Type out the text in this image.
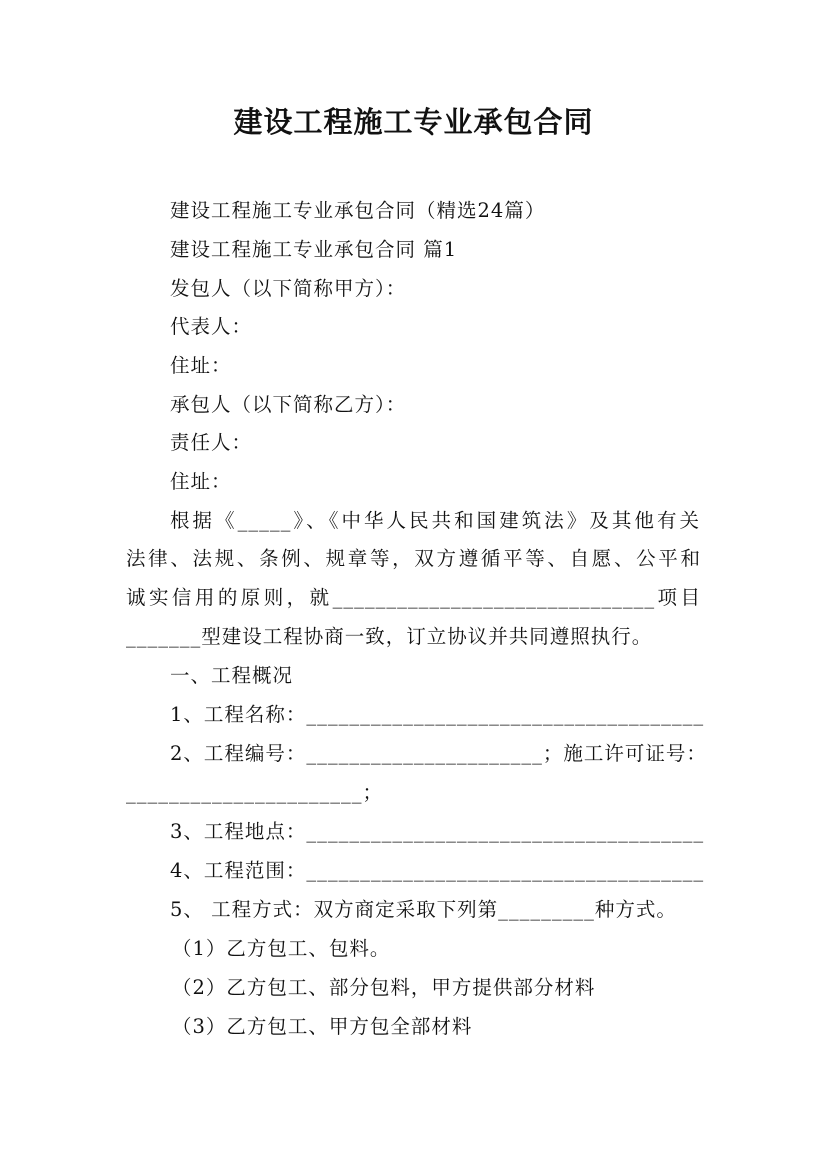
建设工程施工专业承包合同
建设工程施工专业承包合同（精选24篇）
建设工程施工专业承包合同 篇1
发包人（以下简称甲方）：
代表人：
住址：
承包人（以下简称乙方）：
责任人：
住址：
根据《_____》、《中华人民共和国建筑法》及其他有关
法律、法规、条例、规章等，双方遵循平等、自愿、公平和
诚实信用的原则，就______________________________项目
_______型建设工程协商一致，订立协议并共同遵照执行。
一、工程概况
1、工程名称：_____________________________________
2、工程编号：______________________；施工许可证号：
______________________；
3、工程地点：_____________________________________
4、工程范围：_____________________________________
5、 工程方式：双方商定采取下列第_________种方式。
（1）乙方包工、包料。
（2）乙方包工、部分包料，甲方提供部分材料
（3）乙方包工、甲方包全部材料
